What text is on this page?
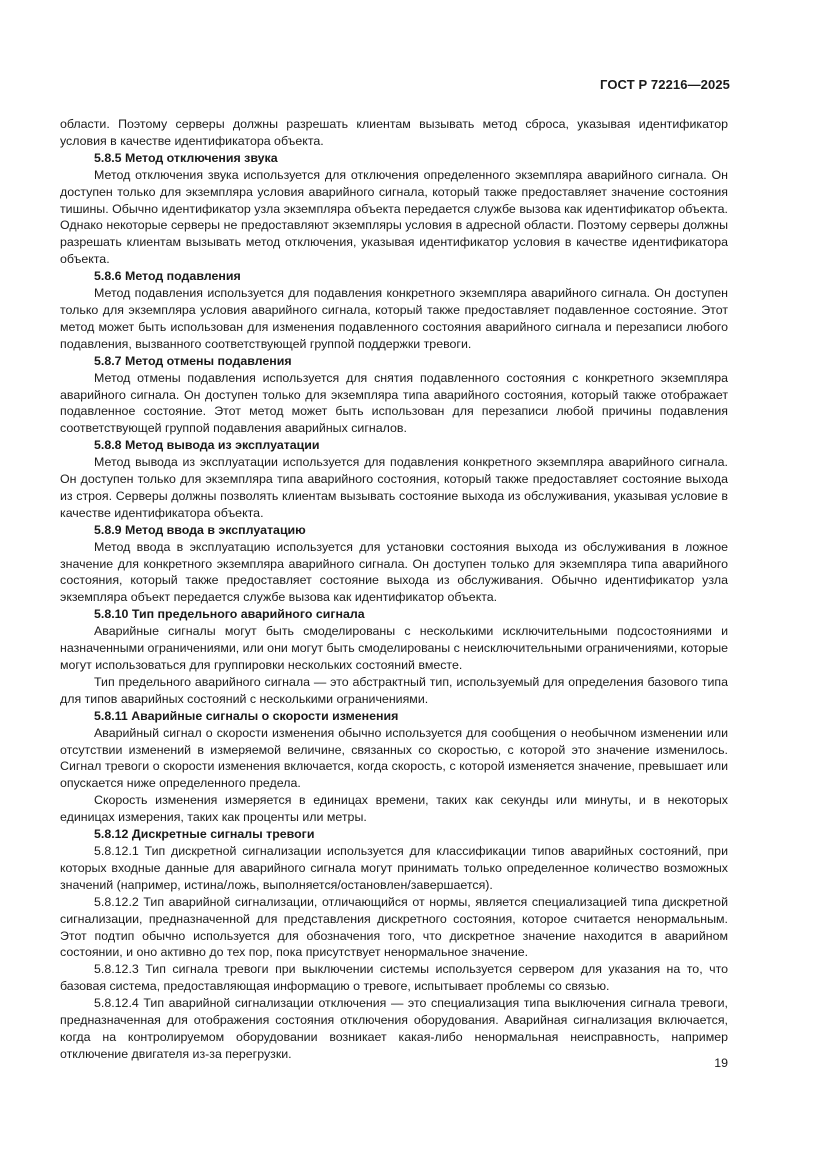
ГОСТ Р 72216—2025

области. Поэтому серверы должны разрешать клиентам вызывать метод сброса, указывая идентификатор условия в качестве идентификатора объекта.

5.8.5 Метод отключения звука

Метод отключения звука используется для отключения определенного экземпляра аварийного сигнала. Он доступен только для экземпляра условия аварийного сигнала, который также предоставляет значение состояния тишины. Обычно идентификатор узла экземпляра объекта передается службе вызова как идентификатор объекта. Однако некоторые серверы не предоставляют экземпляры условия в адресной области. Поэтому серверы должны разрешать клиентам вызывать метод отключения, указывая идентификатор условия в качестве идентификатора объекта.

5.8.6 Метод подавления

Метод подавления используется для подавления конкретного экземпляра аварийного сигнала. Он доступен только для экземпляра условия аварийного сигнала, который также предоставляет подавленное состояние. Этот метод может быть использован для изменения подавленного состояния аварийного сигнала и перезаписи любого подавления, вызванного соответствующей группой поддержки тревоги.

5.8.7 Метод отмены подавления

Метод отмены подавления используется для снятия подавленного состояния с конкретного экземпляра аварийного сигнала. Он доступен только для экземпляра типа аварийного состояния, который также отображает подавленное состояние. Этот метод может быть использован для перезаписи любой причины подавления соответствующей группой подавления аварийных сигналов.

5.8.8 Метод вывода из эксплуатации

Метод вывода из эксплуатации используется для подавления конкретного экземпляра аварийного сигнала. Он доступен только для экземпляра типа аварийного состояния, который также предоставляет состояние выхода из строя. Серверы должны позволять клиентам вызывать состояние выхода из обслуживания, указывая условие в качестве идентификатора объекта.

5.8.9 Метод ввода в эксплуатацию

Метод ввода в эксплуатацию используется для установки состояния выхода из обслуживания в ложное значение для конкретного экземпляра аварийного сигнала. Он доступен только для экземпляра типа аварийного состояния, который также предоставляет состояние выхода из обслуживания. Обычно идентификатор узла экземпляра объект передается службе вызова как идентификатор объекта.

5.8.10 Тип предельного аварийного сигнала

Аварийные сигналы могут быть смоделированы с несколькими исключительными подсостояниями и назначенными ограничениями, или они могут быть смоделированы с неисключительными ограничениями, которые могут использоваться для группировки нескольких состояний вместе.

Тип предельного аварийного сигнала — это абстрактный тип, используемый для определения базового типа для типов аварийных состояний с несколькими ограничениями.

5.8.11 Аварийные сигналы о скорости изменения

Аварийный сигнал о скорости изменения обычно используется для сообщения о необычном изменении или отсутствии изменений в измеряемой величине, связанных со скоростью, с которой это значение изменилось. Сигнал тревоги о скорости изменения включается, когда скорость, с которой изменяется значение, превышает или опускается ниже определенного предела.

Скорость изменения измеряется в единицах времени, таких как секунды или минуты, и в некоторых единицах измерения, таких как проценты или метры.

5.8.12 Дискретные сигналы тревоги

5.8.12.1 Тип дискретной сигнализации используется для классификации типов аварийных состояний, при которых входные данные для аварийного сигнала могут принимать только определенное количество возможных значений (например, истина/ложь, выполняется/остановлен/завершается).

5.8.12.2 Тип аварийной сигнализации, отличающийся от нормы, является специализацией типа дискретной сигнализации, предназначенной для представления дискретного состояния, которое считается ненормальным. Этот подтип обычно используется для обозначения того, что дискретное значение находится в аварийном состоянии, и оно активно до тех пор, пока присутствует ненормальное значение.

5.8.12.3 Тип сигнала тревоги при выключении системы используется сервером для указания на то, что базовая система, предоставляющая информацию о тревоге, испытывает проблемы со связью.

5.8.12.4 Тип аварийной сигнализации отключения — это специализация типа выключения сигнала тревоги, предназначенная для отображения состояния отключения оборудования. Аварийная сигнализация включается, когда на контролируемом оборудовании возникает какая-либо ненормальная неисправность, например отключение двигателя из-за перегрузки.

19
